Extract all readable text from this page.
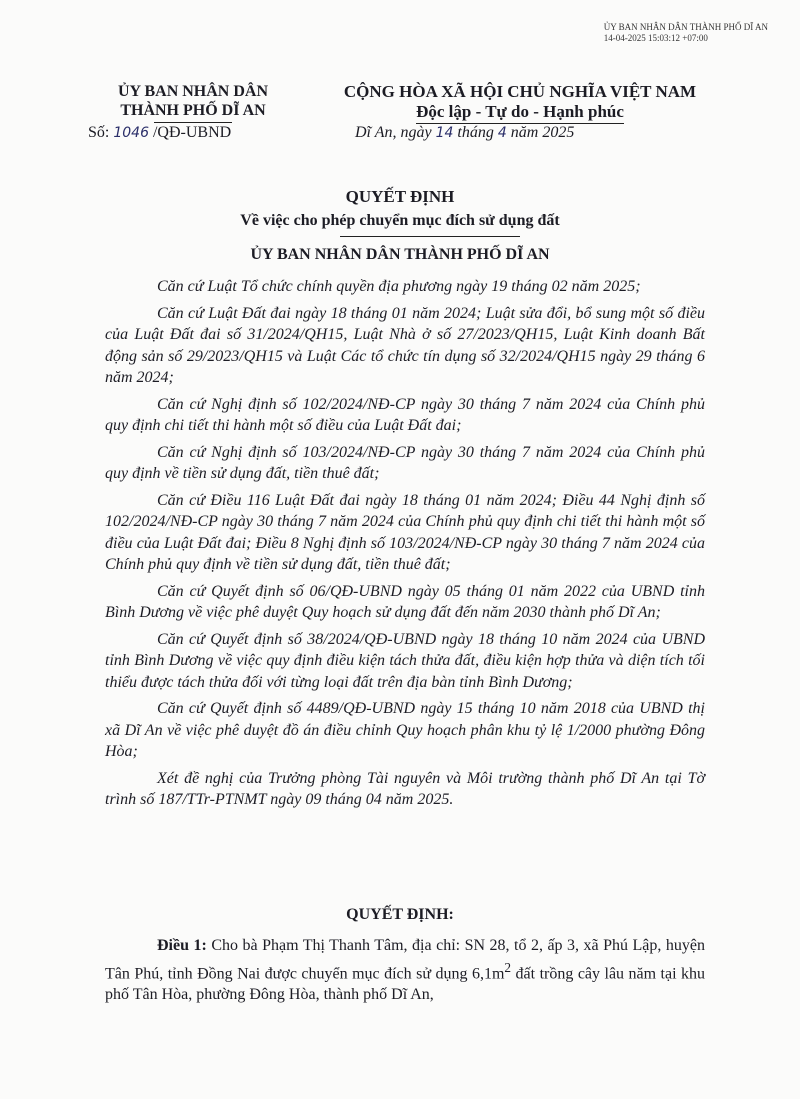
ỦY BAN NHÂN DÂN THÀNH PHỐ DĨ AN
14-04-2025 15:03:12 +07:00
ỦY BAN NHÂN DÂN
THÀNH PHỐ DĨ AN
CỘNG HÒA XÃ HỘI CHỦ NGHĨA VIỆT NAM
Độc lập - Tự do - Hạnh phúc
Số: 1046 /QĐ-UBND	Dĩ An, ngày 14 tháng 4 năm 2025
QUYẾT ĐỊNH
Về việc cho phép chuyển mục đích sử dụng đất
ỦY BAN NHÂN DÂN THÀNH PHỐ DĨ AN

Căn cứ Luật Tổ chức chính quyền địa phương ngày 19 tháng 02 năm 2025;

Căn cứ Luật Đất đai ngày 18 tháng 01 năm 2024; Luật sửa đổi, bổ sung một số điều của Luật Đất đai số 31/2024/QH15, Luật Nhà ở số 27/2023/QH15, Luật Kinh doanh Bất động sản số 29/2023/QH15 và Luật Các tổ chức tín dụng số 32/2024/QH15 ngày 29 tháng 6 năm 2024;

Căn cứ Nghị định số 102/2024/NĐ-CP ngày 30 tháng 7 năm 2024 của Chính phủ quy định chi tiết thi hành một số điều của Luật Đất đai;

Căn cứ Nghị định số 103/2024/NĐ-CP ngày 30 tháng 7 năm 2024 của Chính phủ quy định về tiền sử dụng đất, tiền thuê đất;

Căn cứ Điều 116 Luật Đất đai ngày 18 tháng 01 năm 2024; Điều 44 Nghị định số 102/2024/NĐ-CP ngày 30 tháng 7 năm 2024 của Chính phủ quy định chi tiết thi hành một số điều của Luật Đất đai; Điều 8 Nghị định số 103/2024/NĐ-CP ngày 30 tháng 7 năm 2024 của Chính phủ quy định về tiền sử dụng đất, tiền thuê đất;

Căn cứ Quyết định số 06/QĐ-UBND ngày 05 tháng 01 năm 2022 của UBND tỉnh Bình Dương về việc phê duyệt Quy hoạch sử dụng đất đến năm 2030 thành phố Dĩ An;

Căn cứ Quyết định số 38/2024/QĐ-UBND ngày 18 tháng 10 năm 2024 của UBND tỉnh Bình Dương về việc quy định điều kiện tách thửa đất, điều kiện hợp thửa và diện tích tối thiểu được tách thửa đối với từng loại đất trên địa bàn tỉnh Bình Dương;

Căn cứ Quyết định số 4489/QĐ-UBND ngày 15 tháng 10 năm 2018 của UBND thị xã Dĩ An về việc phê duyệt đồ án điều chỉnh Quy hoạch phân khu tỷ lệ 1/2000 phường Đông Hòa;

Xét đề nghị của Trưởng phòng Tài nguyên và Môi trường thành phố Dĩ An tại Tờ trình số 187/TTr-PTNMT ngày 09 tháng 04 năm 2025.

QUYẾT ĐỊNH:

Điều 1: Cho bà Phạm Thị Thanh Tâm, địa chỉ: SN 28, tổ 2, ấp 3, xã Phú Lập, huyện Tân Phú, tỉnh Đồng Nai được chuyển mục đích sử dụng $6,1m^2$ đất trồng cây lâu năm tại khu phố Tân Hòa, phường Đông Hòa, thành phố Dĩ An,
